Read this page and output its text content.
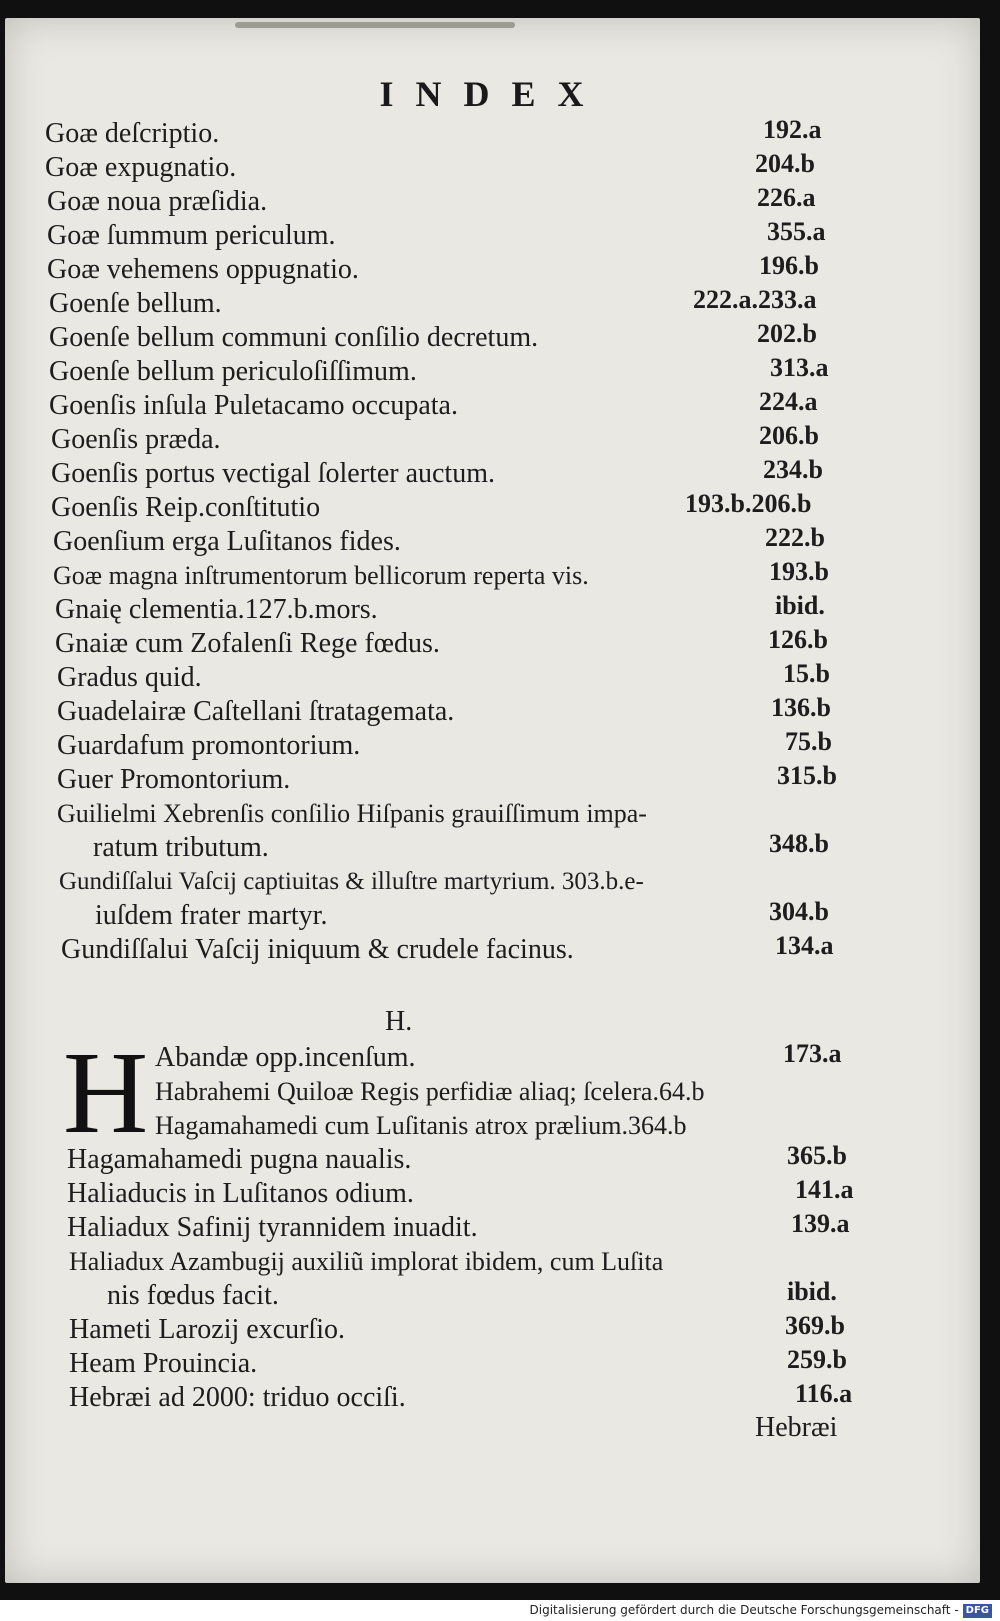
INDEX
Goæ deſcriptio.	192.a
Goæ expugnatio.	204.b
Goæ noua præſidia.	226.a
Goæ ſummum periculum.	355.a
Goæ vehemens oppugnatio.	196.b
Goenſe bellum.	222.a.233.a
Goenſe bellum communi conſilio decretum.	202.b
Goenſe bellum periculoſiſſimum.	313.a
Goenſis inſula Puletacamo occupata.	224.a
Goenſis præda.	206.b
Goenſis portus vectigal ſolerter auctum.	234.b
Goenſis Reip.conſtitutio	193.b.206.b
Goenſium erga Luſitanos fides.	222.b
Goæ magna inſtrumentorum bellicorum reperta vis.	193.b
Gnaię clementia.127.b.mors.	ibid.
Gnaiæ cum Zofalenſi Rege fœdus.	126.b
Gradus quid.	15.b
Guadelairæ Caſtellani ſtratagemata.	136.b
Guardafum promontorium.	75.b
Guer Promontorium.	315.b
Guilielmi Xebrenſis conſilio Hiſpanis grauiſſimum impa-
ratum tributum.	348.b
Gundiſſalui Vaſcij captiuitas & illuſtre martyrium. 303.b.e-
iuſdem frater martyr.	304.b
Gundiſſalui Vaſcij iniquum & crudele facinus.	134.a
H.
H Abandæ opp.incenſum.	173.a
Habrahemi Quiloæ Regis perfidiæ aliaq; ſcelera.64.b
Hagamahamedi cum Luſitanis atrox prælium.364.b
Hagamahamedi pugna naualis.	365.b
Haliaducis in Luſitanos odium.	141.a
Haliadux Safinij tyrannidem inuadit.	139.a
Haliadux Azambugij auxiliũ implorat ibidem, cum Luſita
nis fœdus facit.	ibid.
Hameti Larozij excurſio.	369.b
Heam Prouincia.	259.b
Hebræi ad 2000: triduo occiſi.	116.a
Hebræi
Digitalisierung gefördert durch die Deutsche Forschungsgemeinschaft - DFG
